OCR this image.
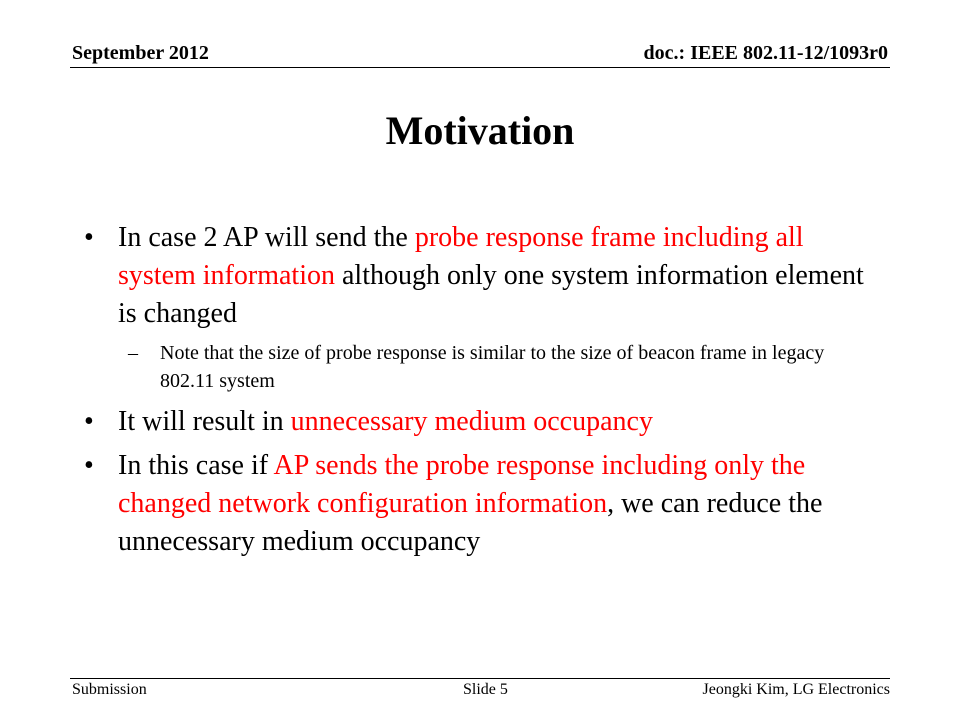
September 2012	doc.: IEEE 802.11-12/1093r0
Motivation
• In case 2 AP will send the probe response frame including all system information although only one system information element is changed
– Note that the size of probe response is similar to the size of beacon frame in legacy 802.11 system
• It will result in unnecessary medium occupancy
• In this case if AP sends the probe response including only the changed network configuration information, we can reduce the unnecessary medium occupancy
Submission	Slide 5	Jeongki Kim, LG Electronics
